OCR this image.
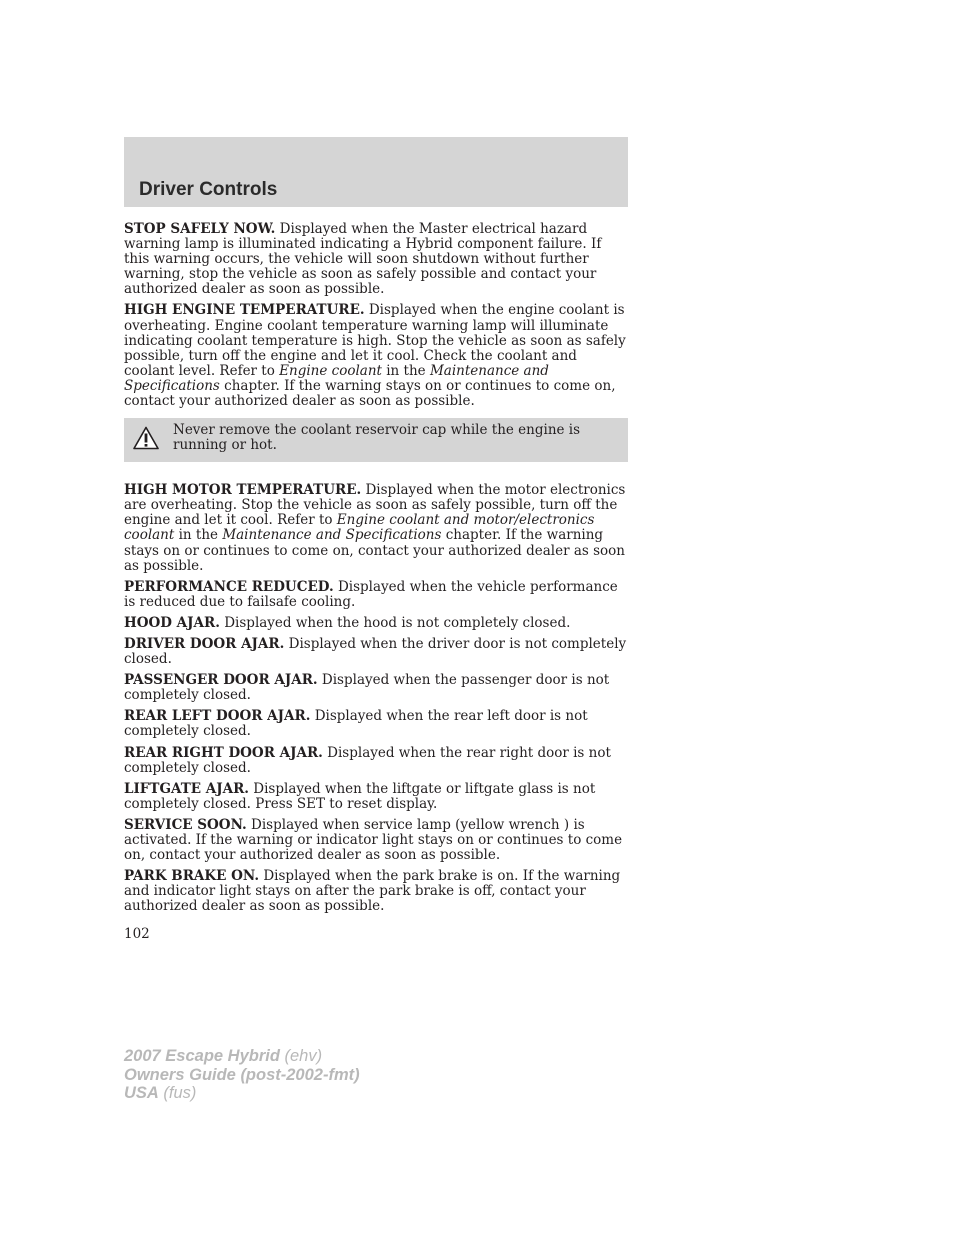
Driver Controls

STOP SAFELY NOW. Displayed when the Master electrical hazard warning lamp is illuminated indicating a Hybrid component failure. If this warning occurs, the vehicle will soon shutdown without further warning, stop the vehicle as soon as safely possible and contact your authorized dealer as soon as possible.

HIGH ENGINE TEMPERATURE. Displayed when the engine coolant is overheating. Engine coolant temperature warning lamp will illuminate indicating coolant temperature is high. Stop the vehicle as soon as safely possible, turn off the engine and let it cool. Check the coolant and coolant level. Refer to Engine coolant in the Maintenance and Specifications chapter. If the warning stays on or continues to come on, contact your authorized dealer as soon as possible.

Never remove the coolant reservoir cap while the engine is running or hot.

HIGH MOTOR TEMPERATURE. Displayed when the motor electronics are overheating. Stop the vehicle as soon as safely possible, turn off the engine and let it cool. Refer to Engine coolant and motor/electronics coolant in the Maintenance and Specifications chapter. If the warning stays on or continues to come on, contact your authorized dealer as soon as possible.

PERFORMANCE REDUCED. Displayed when the vehicle performance is reduced due to failsafe cooling.

HOOD AJAR. Displayed when the hood is not completely closed.

DRIVER DOOR AJAR. Displayed when the driver door is not completely closed.

PASSENGER DOOR AJAR. Displayed when the passenger door is not completely closed.

REAR LEFT DOOR AJAR. Displayed when the rear left door is not completely closed.

REAR RIGHT DOOR AJAR. Displayed when the rear right door is not completely closed.

LIFTGATE AJAR. Displayed when the liftgate or liftgate glass is not completely closed. Press SET to reset display.

SERVICE SOON. Displayed when service lamp (yellow wrench ) is activated. If the warning or indicator light stays on or continues to come on, contact your authorized dealer as soon as possible.

PARK BRAKE ON. Displayed when the park brake is on. If the warning and indicator light stays on after the park brake is off, contact your authorized dealer as soon as possible.

102
2007 Escape Hybrid (ehv)
Owners Guide (post-2002-fmt)
USA (fus)
